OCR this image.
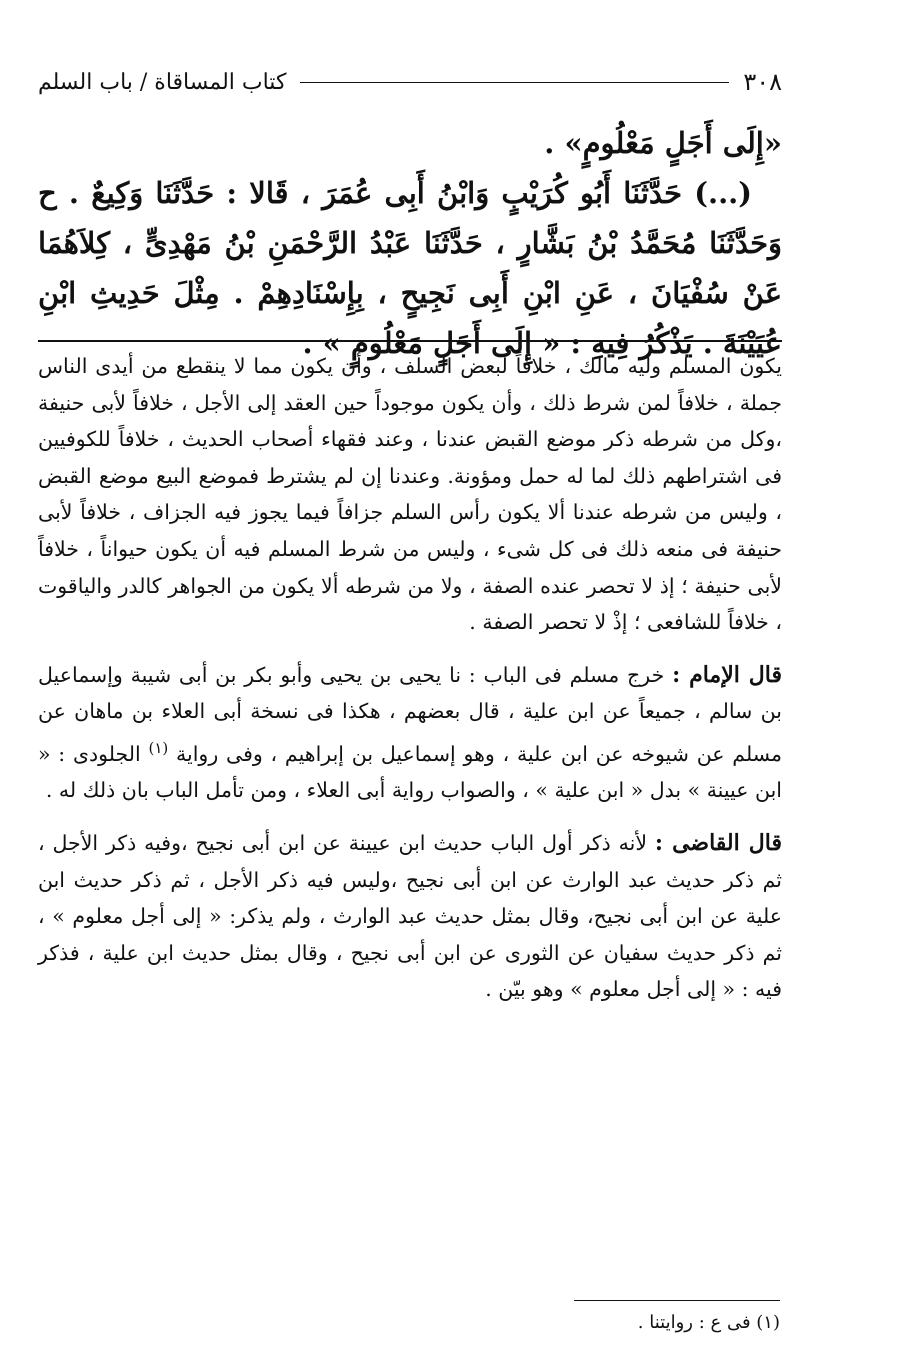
كتاب المساقاة / باب السلم	٣٠٨

«إِلَى أَجَلٍ مَعْلُومٍ» .

(...) حَدَّثَنَا أَبُو كُرَيْبٍ وَابْنُ أَبِى عُمَرَ ، قَالا : حَدَّثَنَا وَكِيعٌ . ح وَحَدَّثَنَا مُحَمَّدُ بْنُ بَشَّارٍ ، حَدَّثَنَا عَبْدُ الرَّحْمَنِ بْنُ مَهْدِىٍّ ، كِلاَهُمَا عَنْ سُفْيَانَ ، عَنِ ابْنِ أَبِى نَجِيحٍ ، بِإِسْنَادِهِمْ . مِثْلَ حَدِيثِ ابْنِ عُيَيْنَةَ . يَذْكُرُ فِيهِ : « إِلَى أَجَلٍ مَعْلُومٍ » .

يكون المسلم وليه مالك ، خلافاً لبعض السلف ، وأن يكون مما لا ينقطع من أيدى الناس جملة ، خلافاً لمن شرط ذلك ، وأن يكون موجوداً حين العقد إلى الأجل ، خلافاً لأبى حنيفة ،وكل من شرطه ذكر موضع القبض عندنا ، وعند فقهاء أصحاب الحديث ، خلافاً للكوفيين فى اشتراطهم ذلك لما له حمل ومؤونة. وعندنا إن لم يشترط فموضع البيع موضع القبض ، وليس من شرطه عندنا ألا يكون رأس السلم جزافاً فيما يجوز فيه الجزاف ، خلافاً لأبى حنيفة فى منعه ذلك فى كل شىء ، وليس من شرط المسلم فيه أن يكون حيواناً ، خلافاً لأبى حنيفة ؛ إذ لا تحصر عنده الصفة ، ولا من شرطه ألا يكون من الجواهر كالدر والياقوت ، خلافاً للشافعى ؛ إذْ لا تحصر الصفة .

قال الإمام : خرج مسلم فى الباب : نا يحيى بن يحيى وأبو بكر بن أبى شيبة وإسماعيل بن سالم ، جميعاً عن ابن علية ، قال بعضهم ، هكذا فى نسخة أبى العلاء بن ماهان عن مسلم عن شيوخه عن ابن علية ، وهو إسماعيل بن إبراهيم ، وفى رواية $^{(١)}$ الجلودى : « ابن عيينة » بدل « ابن علية » ، والصواب رواية أبى العلاء ، ومن تأمل الباب بان ذلك له .

قال القاضى : لأنه ذكر أول الباب حديث ابن عيينة عن ابن أبى نجيح ،وفيه ذكر الأجل ، ثم ذكر حديث عبد الوارث عن ابن أبى نجيح ،وليس فيه ذكر الأجل ، ثم ذكر حديث ابن علية عن ابن أبى نجيح، وقال بمثل حديث عبد الوارث ، ولم يذكر: « إلى أجل معلوم » ، ثم ذكر حديث سفيان عن الثورى عن ابن أبى نجيح ، وقال بمثل حديث ابن علية ، فذكر فيه : « إلى أجل معلوم » وهو بيّن .

(١) فى ع : روايتنا .
